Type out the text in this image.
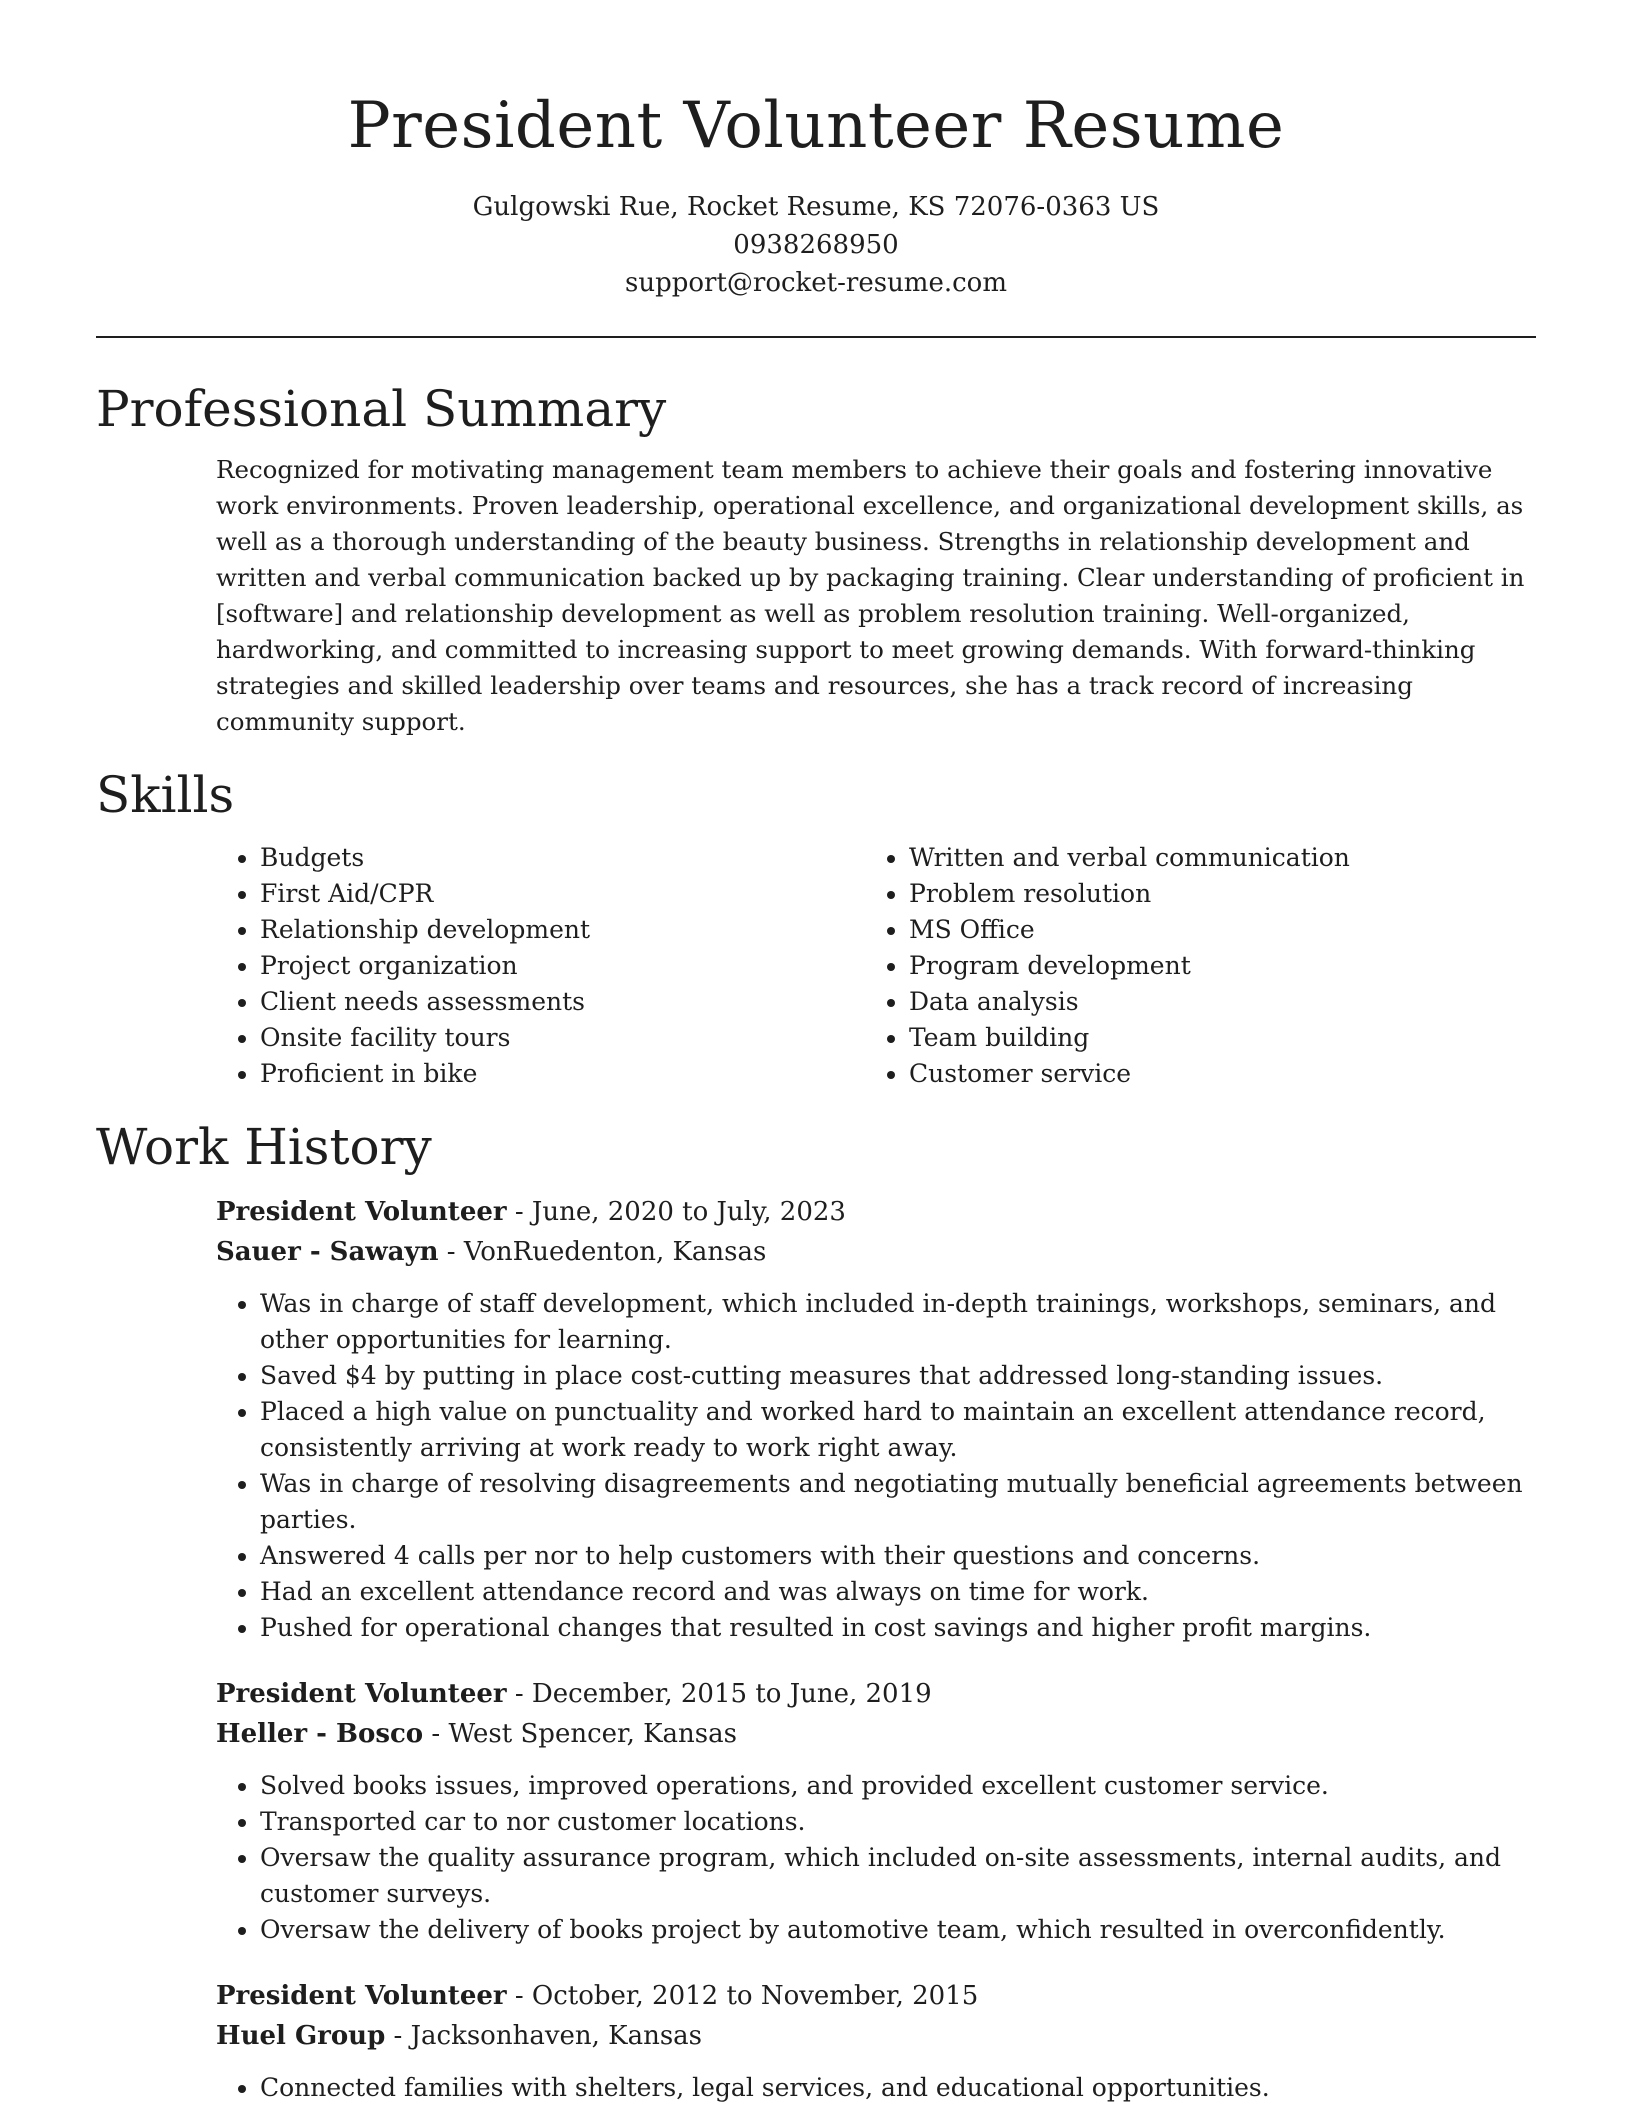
President Volunteer Resume
Gulgowski Rue, Rocket Resume, KS 72076-0363 US
0938268950
support@rocket-resume.com
Professional Summary
Recognized for motivating management team members to achieve their goals and fostering innovative work environments. Proven leadership, operational excellence, and organizational development skills, as well as a thorough understanding of the beauty business. Strengths in relationship development and written and verbal communication backed up by packaging training. Clear understanding of proficient in [software] and relationship development as well as problem resolution training. Well-organized, hardworking, and committed to increasing support to meet growing demands. With forward-thinking strategies and skilled leadership over teams and resources, she has a track record of increasing community support.
Skills
• Budgets
• First Aid/CPR
• Relationship development
• Project organization
• Client needs assessments
• Onsite facility tours
• Proficient in bike
• Written and verbal communication
• Problem resolution
• MS Office
• Program development
• Data analysis
• Team building
• Customer service
Work History
President Volunteer - June, 2020 to July, 2023
Sauer - Sawayn - VonRuedenton, Kansas
• Was in charge of staff development, which included in-depth trainings, workshops, seminars, and other opportunities for learning.
• Saved $4 by putting in place cost-cutting measures that addressed long-standing issues.
• Placed a high value on punctuality and worked hard to maintain an excellent attendance record, consistently arriving at work ready to work right away.
• Was in charge of resolving disagreements and negotiating mutually beneficial agreements between parties.
• Answered 4 calls per nor to help customers with their questions and concerns.
• Had an excellent attendance record and was always on time for work.
• Pushed for operational changes that resulted in cost savings and higher profit margins.
President Volunteer - December, 2015 to June, 2019
Heller - Bosco - West Spencer, Kansas
• Solved books issues, improved operations, and provided excellent customer service.
• Transported car to nor customer locations.
• Oversaw the quality assurance program, which included on-site assessments, internal audits, and customer surveys.
• Oversaw the delivery of books project by automotive team, which resulted in overconfidently.
President Volunteer - October, 2012 to November, 2015
Huel Group - Jacksonhaven, Kansas
• Connected families with shelters, legal services, and educational opportunities.
